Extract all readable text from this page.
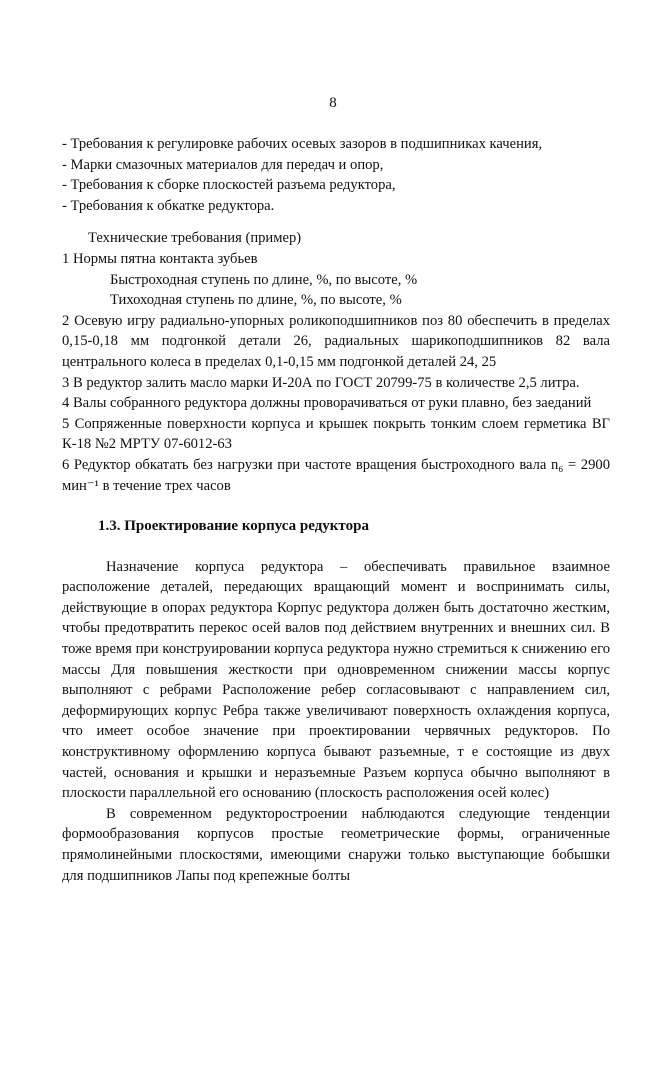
8

- Требования к регулировке рабочих осевых зазоров в подшипниках качения,

- Марки смазочных материалов для передач и опор,

- Требования к сборке плоскостей разъема редуктора,

- Требования к обкатке редуктора.

Технические требования (пример)

1 Нормы пятна контакта зубьев

Быстроходная ступень по длине, %, по высоте, %

Тихоходная ступень по длине, %, по высоте, %

2 Осевую игру радиально-упорных роликоподшипников поз 80 обеспечить в пределах 0,15-0,18 мм подгонкой детали 26, радиальных шарикоподшипников 82 вала центрального колеса в пределах 0,1-0,15 мм подгонкой деталей 24, 25

3 В редуктор залить масло марки И-20А по ГОСТ 20799-75 в количестве 2,5 литра.

4 Валы собранного редуктора должны проворачиваться от руки плавно, без заеданий

5 Сопряженные поверхности корпуса и крышек покрыть тонким слоем герметика ВГ К-18 №2 МРТУ 07-6012-63

6 Редуктор обкатать без нагрузки при частоте вращения быстроходного вала n₆ = 2900 мин⁻¹ в течение трех часов

1.3. Проектирование корпуса редуктора

Назначение корпуса редуктора – обеспечивать правильное взаимное расположение деталей, передающих вращающий момент и воспринимать силы, действующие в опорах редуктора Корпус редуктора должен быть достаточно жестким, чтобы предотвратить перекос осей валов под действием внутренних и внешних сил. В тоже время при конструировании корпуса редуктора нужно стремиться к снижению его массы Для повышения жесткости при одновременном снижении массы корпус выполняют с ребрами Расположение ребер согласовывают с направлением сил, деформирующих корпус Ребра также увеличивают поверхность охлаждения корпуса, что имеет особое значение при проектировании червячных редукторов. По конструктивному оформлению корпуса бывают разъемные, т е состоящие из двух частей, основания и крышки и неразъемные Разъем корпуса обычно выполняют в плоскости параллельной его основанию (плоскость расположения осей колес)

В современном редукторостроении наблюдаются следующие тенденции формообразования корпусов простые геометрические формы, ограниченные прямолинейными плоскостями, имеющими снаружи только выступающие бобышки для подшипников Лапы под крепежные болты
